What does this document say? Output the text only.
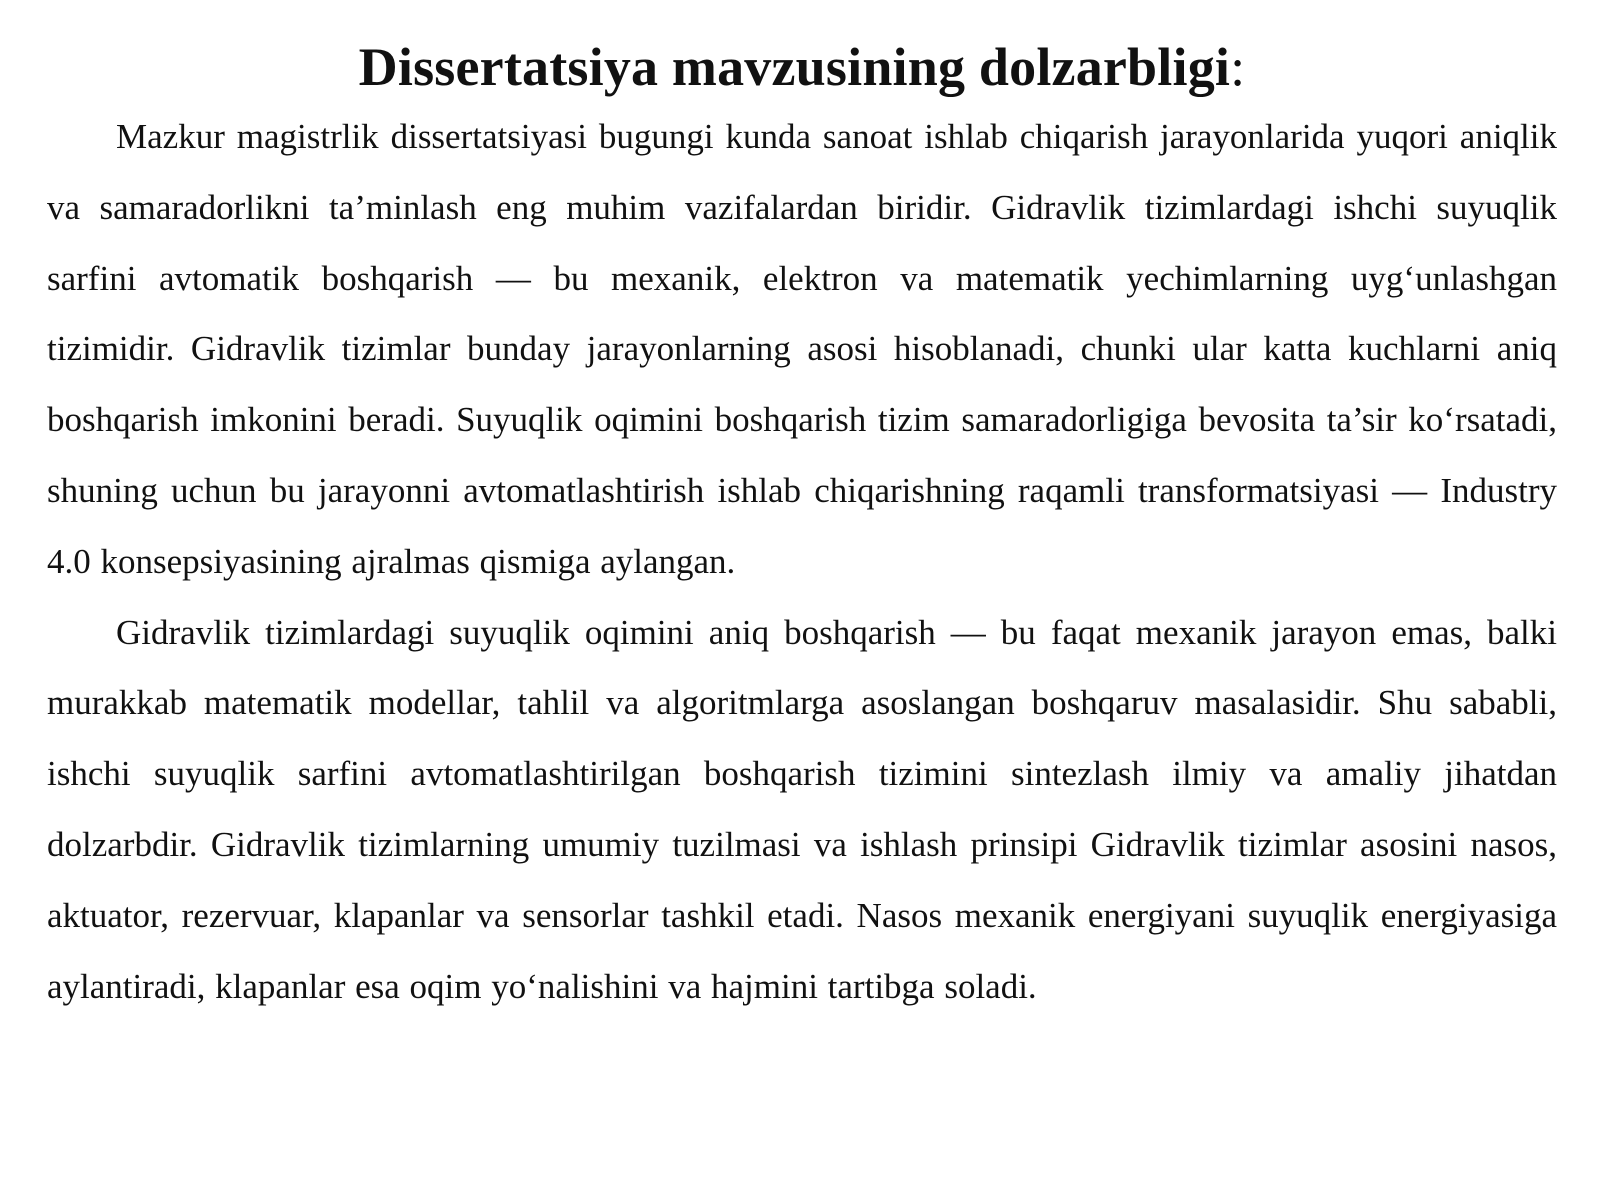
Dissertatsiya mavzusining dolzarbligi:

Mazkur magistrlik dissertatsiyasi bugungi kunda sanoat ishlab chiqarish jarayonlarida yuqori aniqlik va samaradorlikni ta’minlash eng muhim vazifalardan biridir. Gidravlik tizimlardagi ishchi suyuqlik sarfini avtomatik boshqarish — bu mexanik, elektron va matematik yechimlarning uyg‘unlashgan tizimidir. Gidravlik tizimlar bunday jarayonlarning asosi hisoblanadi, chunki ular katta kuchlarni aniq boshqarish imkonini beradi. Suyuqlik oqimini boshqarish tizim samaradorligiga bevosita ta’sir ko‘rsatadi, shuning uchun bu jarayonni avtomatlashtirish ishlab chiqarishning raqamli transformatsiyasi — Industry 4.0 konsepsiyasining ajralmas qismiga aylangan.

Gidravlik tizimlardagi suyuqlik oqimini aniq boshqarish — bu faqat mexanik jarayon emas, balki murakkab matematik modellar, tahlil va algoritmlarga asoslangan boshqaruv masalasidir. Shu sababli, ishchi suyuqlik sarfini avtomatlashtirilgan boshqarish tizimini sintezlash ilmiy va amaliy jihatdan dolzarbdir. Gidravlik tizimlarning umumiy tuzilmasi va ishlash prinsipi Gidravlik tizimlar asosini nasos, aktuator, rezervuar, klapanlar va sensorlar tashkil etadi. Nasos mexanik energiyani suyuqlik energiyasiga aylantiradi, klapanlar esa oqim yo‘nalishini va hajmini tartibga soladi.
